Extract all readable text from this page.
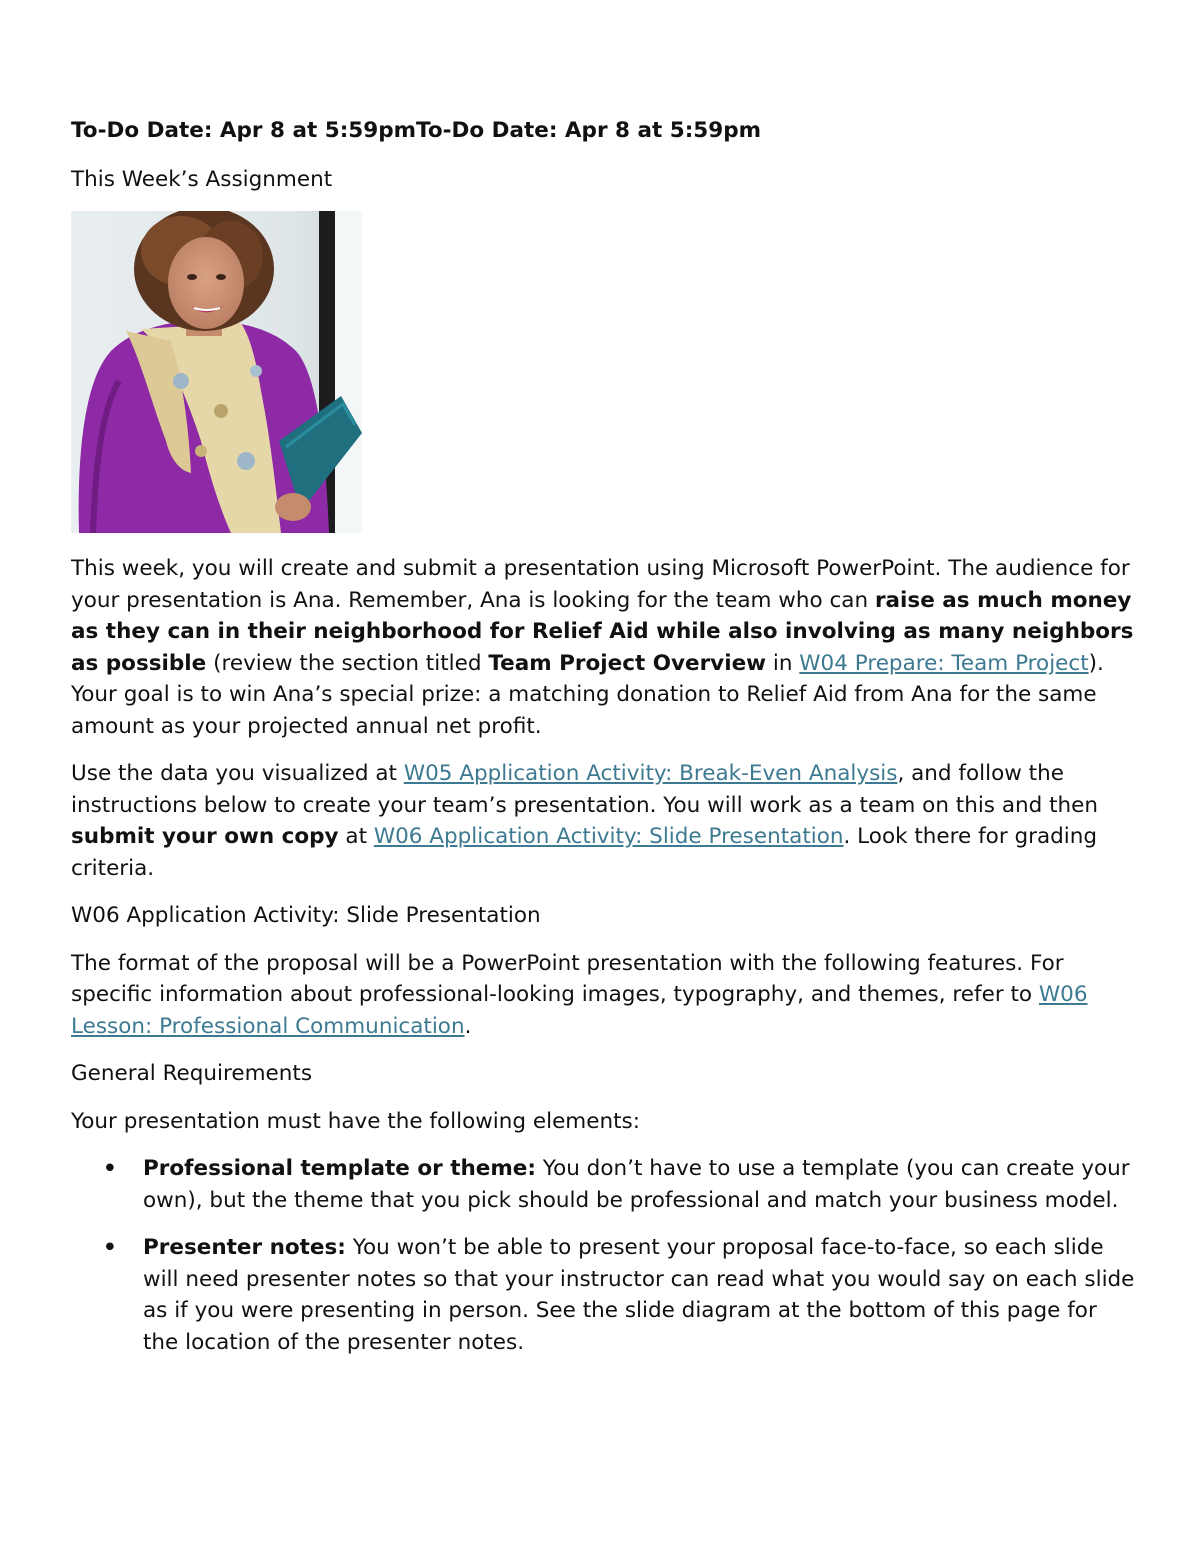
To-Do Date: Apr 8 at 5:59pmTo-Do Date: Apr 8 at 5:59pm

This Week’s Assignment

This week, you will create and submit a presentation using Microsoft PowerPoint. The audience for your presentation is Ana. Remember, Ana is looking for the team who can raise as much money as they can in their neighborhood for Relief Aid while also involving as many neighbors as possible (review the section titled Team Project Overview in W04 Prepare: Team Project). Your goal is to win Ana’s special prize: a matching donation to Relief Aid from Ana for the same amount as your projected annual net profit.

Use the data you visualized at W05 Application Activity: Break-Even Analysis, and follow the instructions below to create your team’s presentation. You will work as a team on this and then submit your own copy at W06 Application Activity: Slide Presentation. Look there for grading criteria.

W06 Application Activity: Slide Presentation

The format of the proposal will be a PowerPoint presentation with the following features. For specific information about professional-looking images, typography, and themes, refer to W06 Lesson: Professional Communication.

General Requirements

Your presentation must have the following elements:

• Professional template or theme: You don’t have to use a template (you can create your own), but the theme that you pick should be professional and match your business model.
• Presenter notes: You won’t be able to present your proposal face-to-face, so each slide will need presenter notes so that your instructor can read what you would say on each slide as if you were presenting in person. See the slide diagram at the bottom of this page for the location of the presenter notes.
